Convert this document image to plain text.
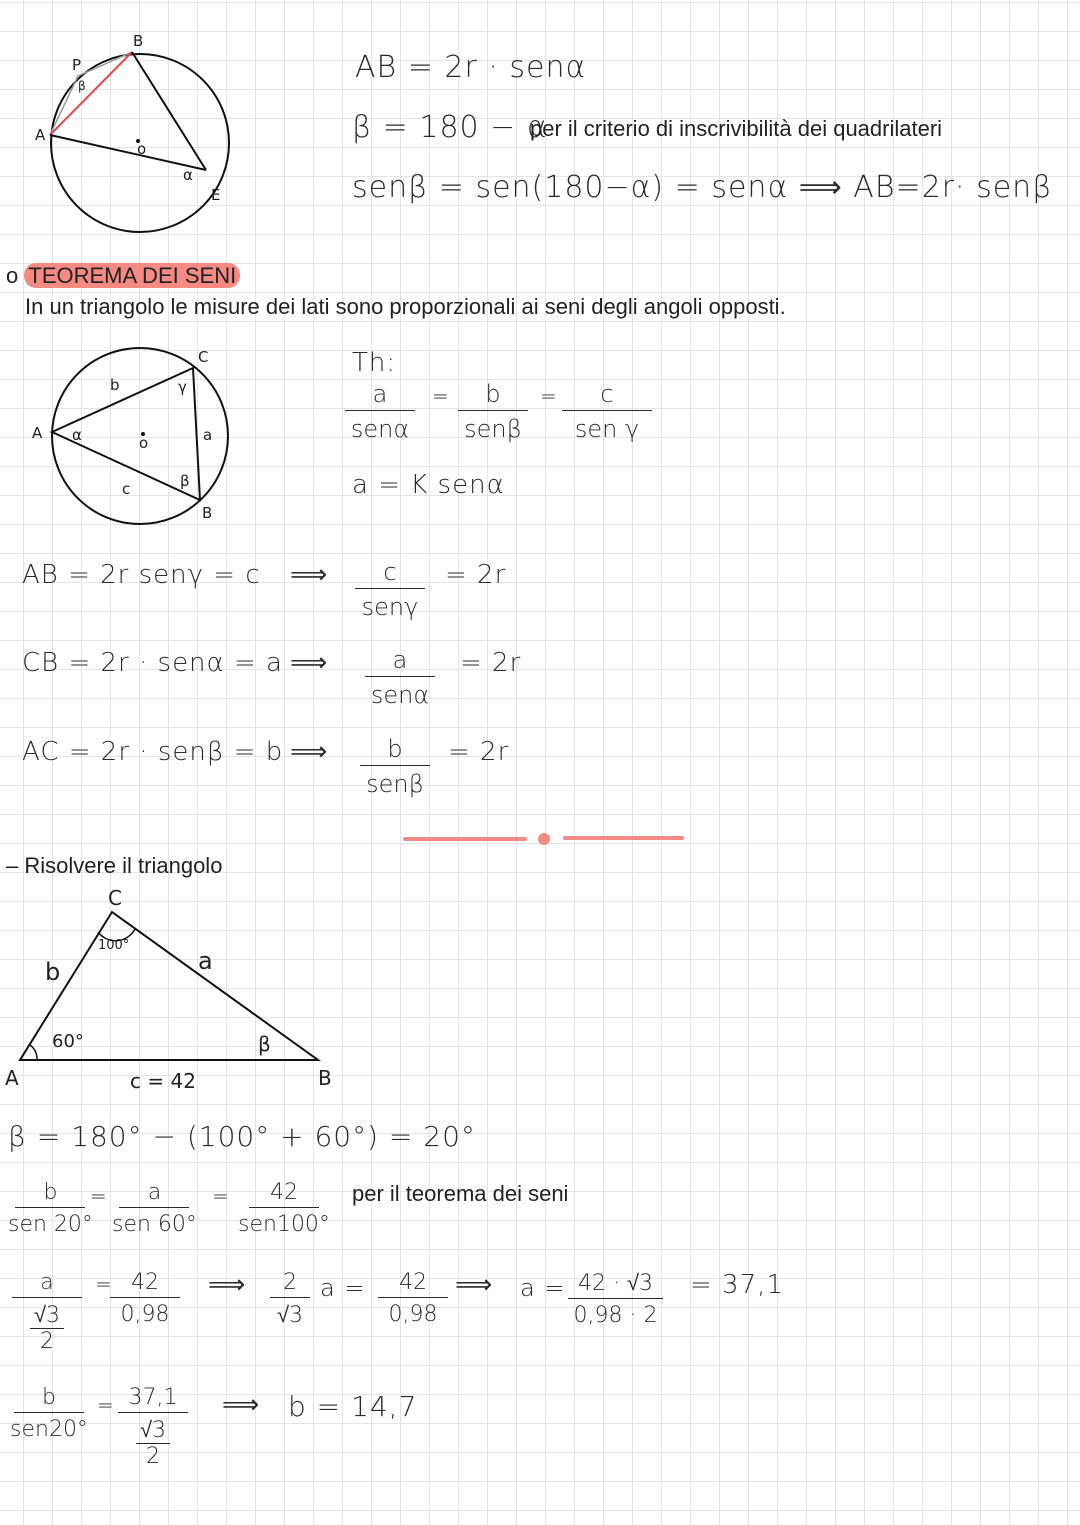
B
P
β
A
o
α
E
AB = 2r · senα
β = 180 − α
per il criterio di inscrivibilità dei quadrilateri
senβ = sen(180−α) = senα ⟹ AB=2r· senβ
o TEOREMA DEI SENI
In un triangolo le misure dei lati sono proporzionali ai seni degli angoli opposti.
C
A
B
b
a
c
α
γ
β
o
Th:
a
senα
=	b
senβ
=	c
sen γ
a = K senα
AB = 2r senγ = c ⟹	c
senγ
= 2r
CB = 2r · senα = a ⟹	a
senα
= 2r
AC = 2r · senβ = b ⟹	b
senβ
= 2r
– Risolvere il triangolo
C
A	B
b	a
60°
100°
β
c = 42
β = 180° − (100° + 60°) = 20°
b
sen 20°
=	a
sen 60°
=	42
sen100°
per il teorema dei seni
a
√3
2 =
$\frac{42}{0,98}$ ⟹ $\frac{2}{√3}$ $a = \frac{42}{0,98}$ ⟹ $a = \frac{42 \cdot √3}{0,98 \cdot 2} = 37,1$
b
sen20°
= 37,1
√3
2 ⟹ b = 14,7
